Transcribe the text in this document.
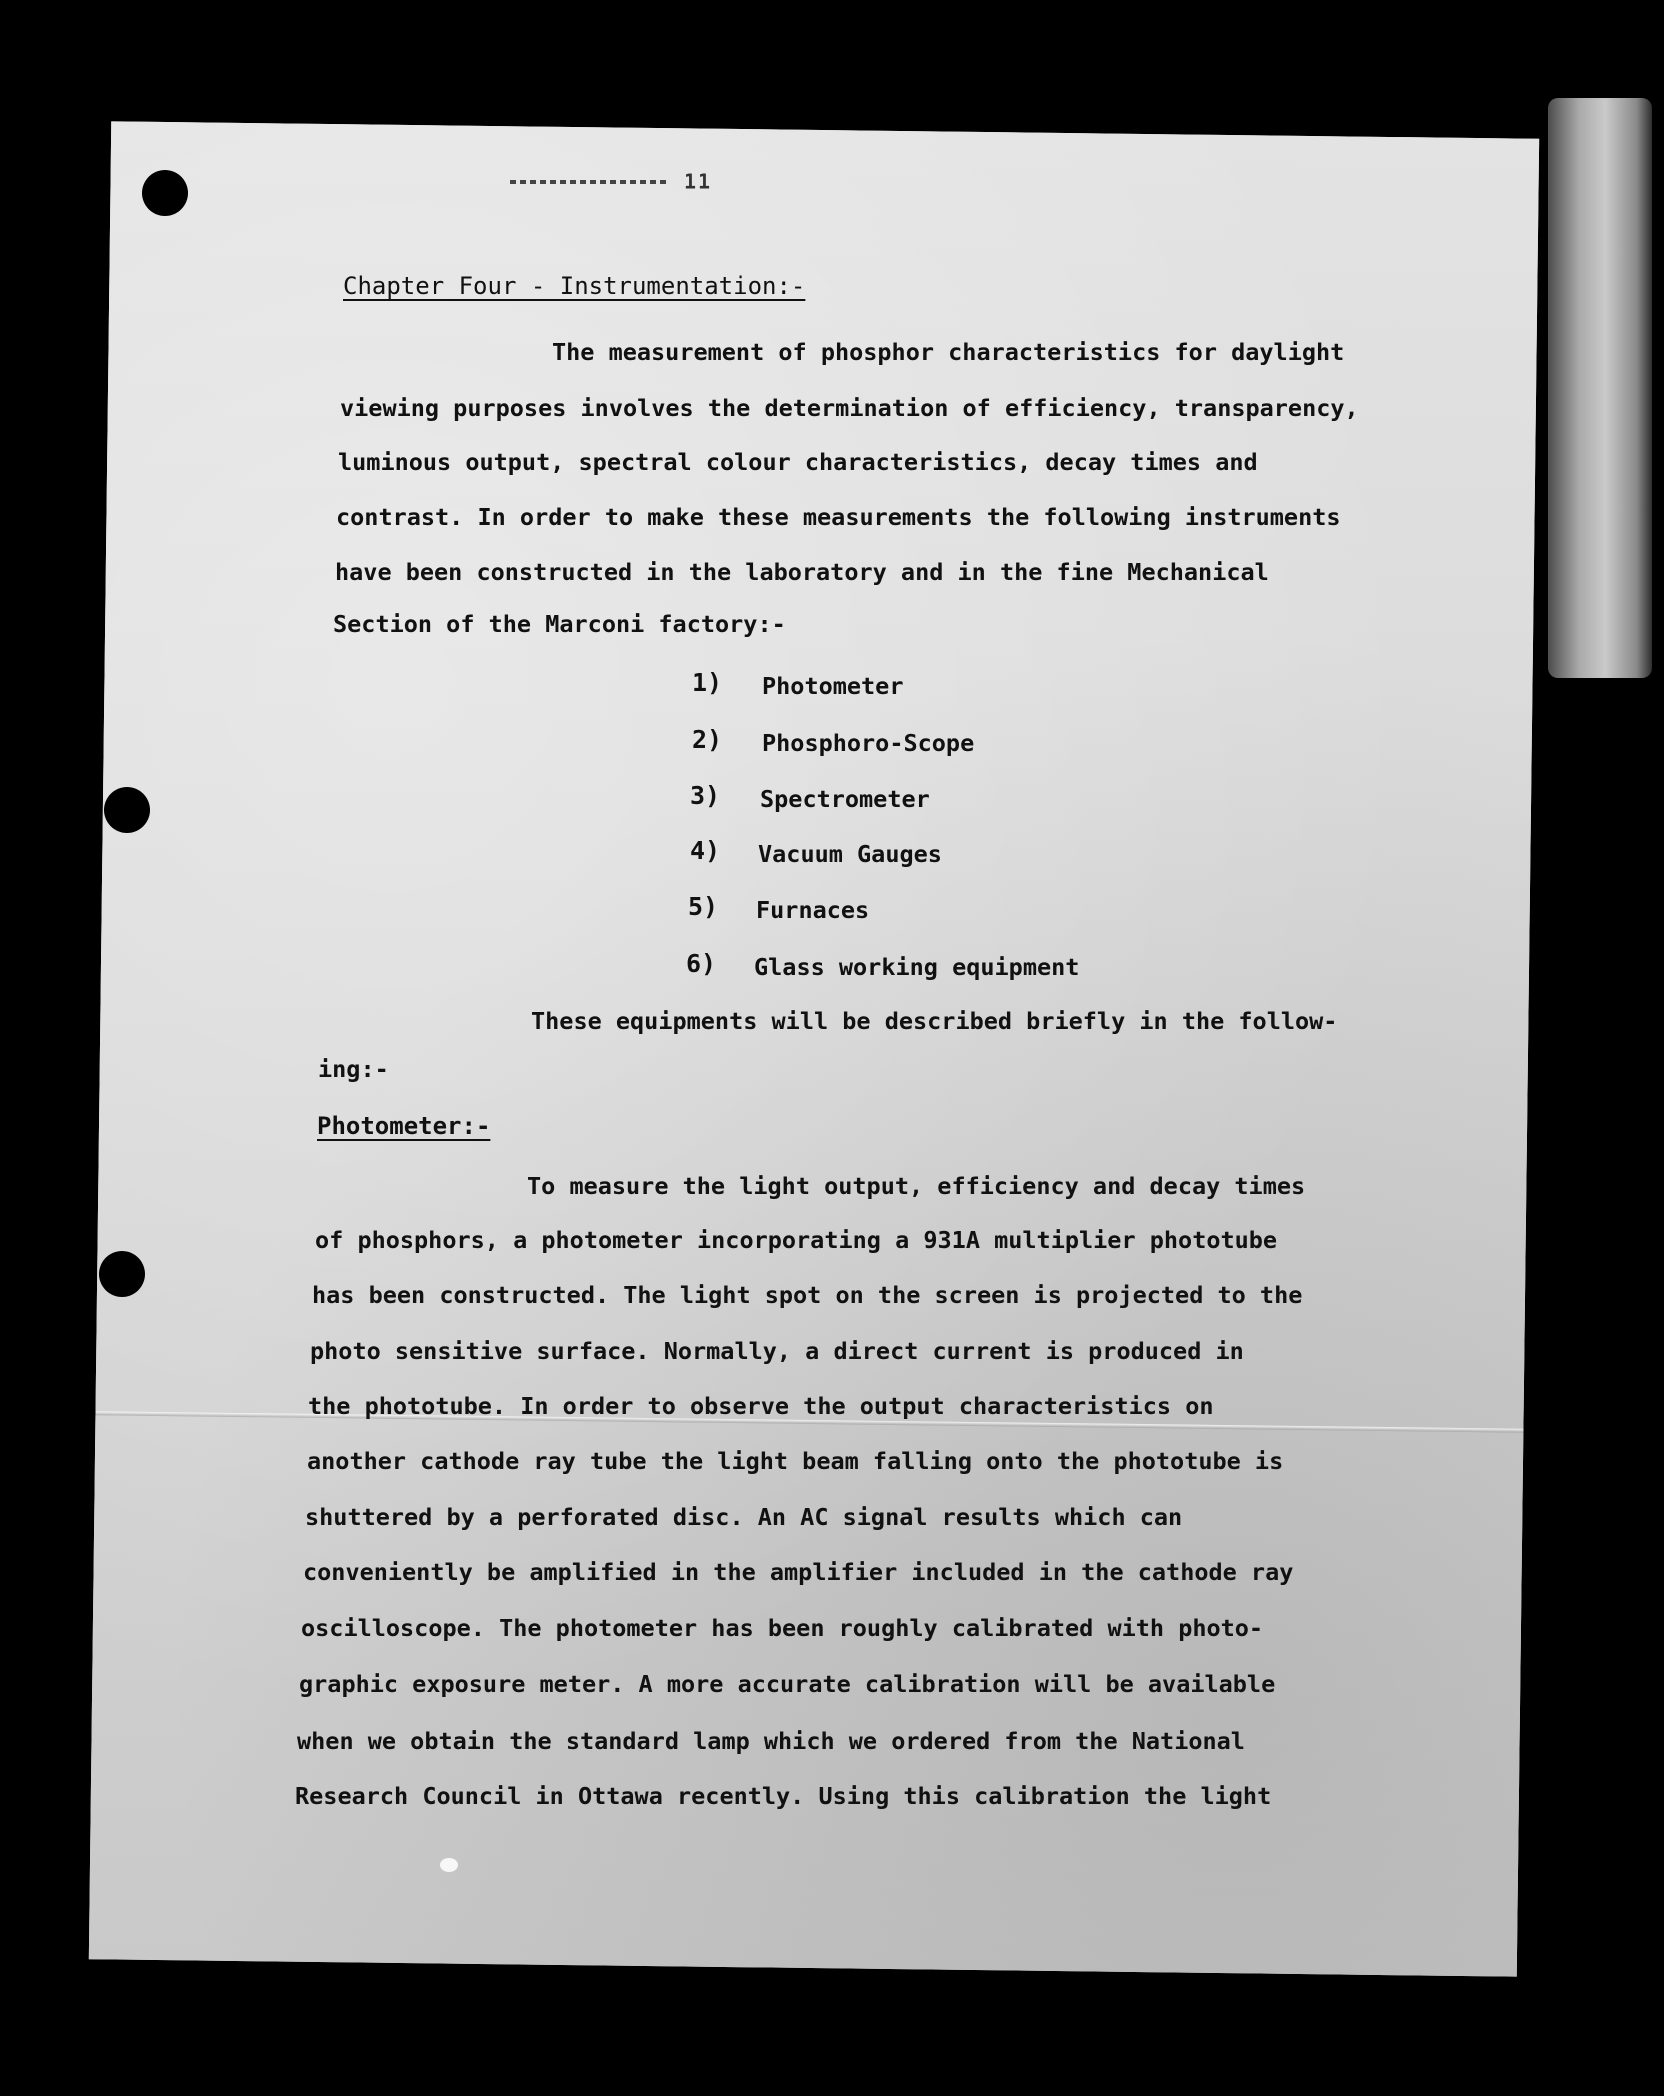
11
Chapter Four - Instrumentation:-
The measurement of phosphor characteristics for daylight
viewing purposes involves the determination of efficiency, transparency,
luminous output, spectral colour characteristics, decay times and
contrast. In order to make these measurements the following instruments
have been constructed in the laboratory and in the fine Mechanical
Section of the Marconi factory:-
1) Photometer
2) Phosphoro-Scope
3) Spectrometer
4) Vacuum Gauges
5) Furnaces
6) Glass working equipment
These equipments will be described briefly in the follow-
ing:-
Photometer:-
To measure the light output, efficiency and decay times
of phosphors, a photometer incorporating a 931A multiplier phototube
has been constructed. The light spot on the screen is projected to the
photo sensitive surface. Normally, a direct current is produced in
the phototube. In order to observe the output characteristics on
another cathode ray tube the light beam falling onto the phototube is
shuttered by a perforated disc. An AC signal results which can
conveniently be amplified in the amplifier included in the cathode ray
oscilloscope. The photometer has been roughly calibrated with photo-
graphic exposure meter. A more accurate calibration will be available
when we obtain the standard lamp which we ordered from the National
Research Council in Ottawa recently. Using this calibration the light
